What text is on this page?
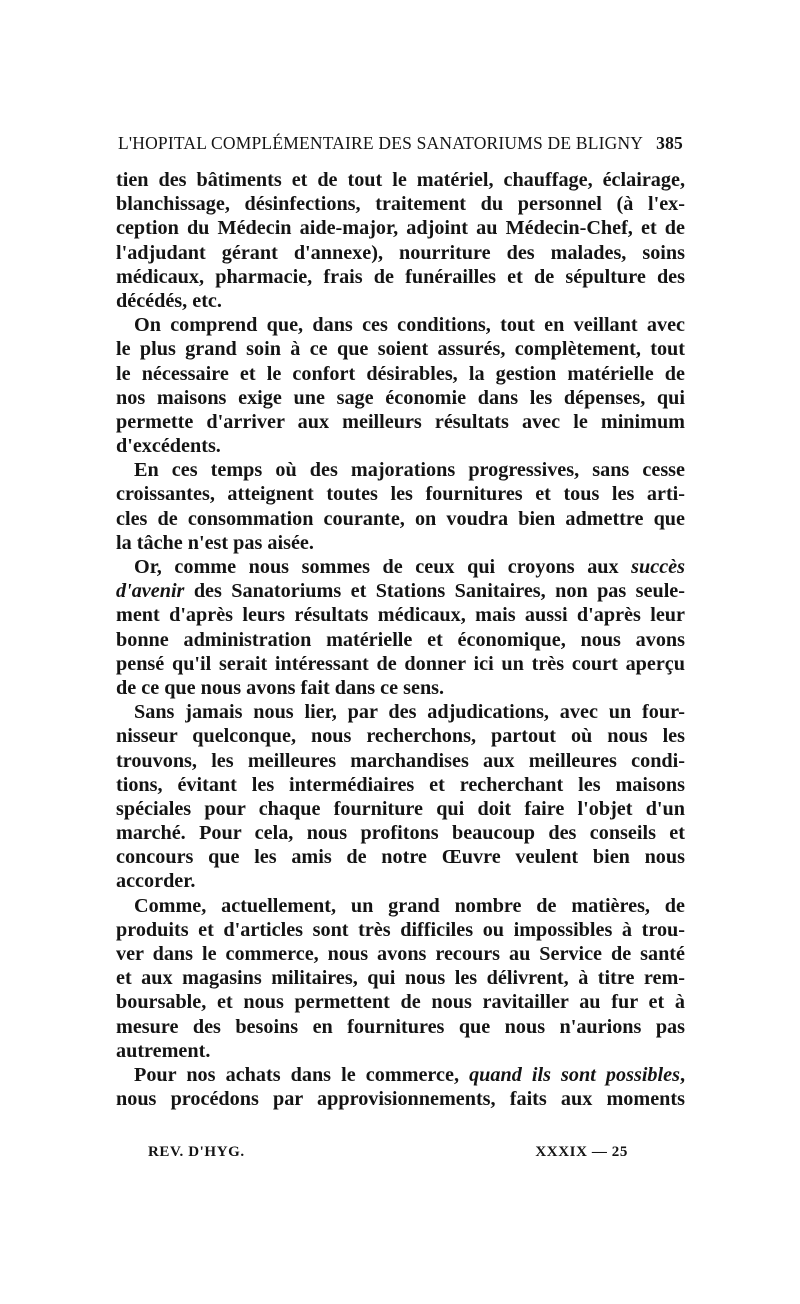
L'HOPITAL COMPLÉMENTAIRE DES SANATORIUMS DE BLIGNY 385
tien des bâtiments et de tout le matériel, chauffage, éclairage,
blanchissage, désinfections, traitement du personnel (à l'ex-
ception du Médecin aide-major, adjoint au Médecin-Chef, et de
l'adjudant gérant d'annexe), nourriture des malades, soins
médicaux, pharmacie, frais de funérailles et de sépulture des
décédés, etc.
On comprend que, dans ces conditions, tout en veillant avec
le plus grand soin à ce que soient assurés, complètement, tout
le nécessaire et le confort désirables, la gestion matérielle de
nos maisons exige une sage économie dans les dépenses, qui
permette d'arriver aux meilleurs résultats avec le minimum
d'excédents.
En ces temps où des majorations progressives, sans cesse
croissantes, atteignent toutes les fournitures et tous les arti-
cles de consommation courante, on voudra bien admettre que
la tâche n'est pas aisée.
Or, comme nous sommes de ceux qui croyons aux succès
d'avenir des Sanatoriums et Stations Sanitaires, non pas seule-
ment d'après leurs résultats médicaux, mais aussi d'après leur
bonne administration matérielle et économique, nous avons
pensé qu'il serait intéressant de donner ici un très court aperçu
de ce que nous avons fait dans ce sens.
Sans jamais nous lier, par des adjudications, avec un four-
nisseur quelconque, nous recherchons, partout où nous les
trouvons, les meilleures marchandises aux meilleures condi-
tions, évitant les intermédiaires et recherchant les maisons
spéciales pour chaque fourniture qui doit faire l'objet d'un
marché. Pour cela, nous profitons beaucoup des conseils et
concours que les amis de notre Œuvre veulent bien nous
accorder.
Comme, actuellement, un grand nombre de matières, de
produits et d'articles sont très difficiles ou impossibles à trou-
ver dans le commerce, nous avons recours au Service de santé
et aux magasins militaires, qui nous les délivrent, à titre rem-
boursable, et nous permettent de nous ravitailler au fur et à
mesure des besoins en fournitures que nous n'aurions pas
autrement.
Pour nos achats dans le commerce, quand ils sont possibles,
nous procédons par approvisionnements, faits aux moments
REV. D'HYG.	XXXIX — 25
